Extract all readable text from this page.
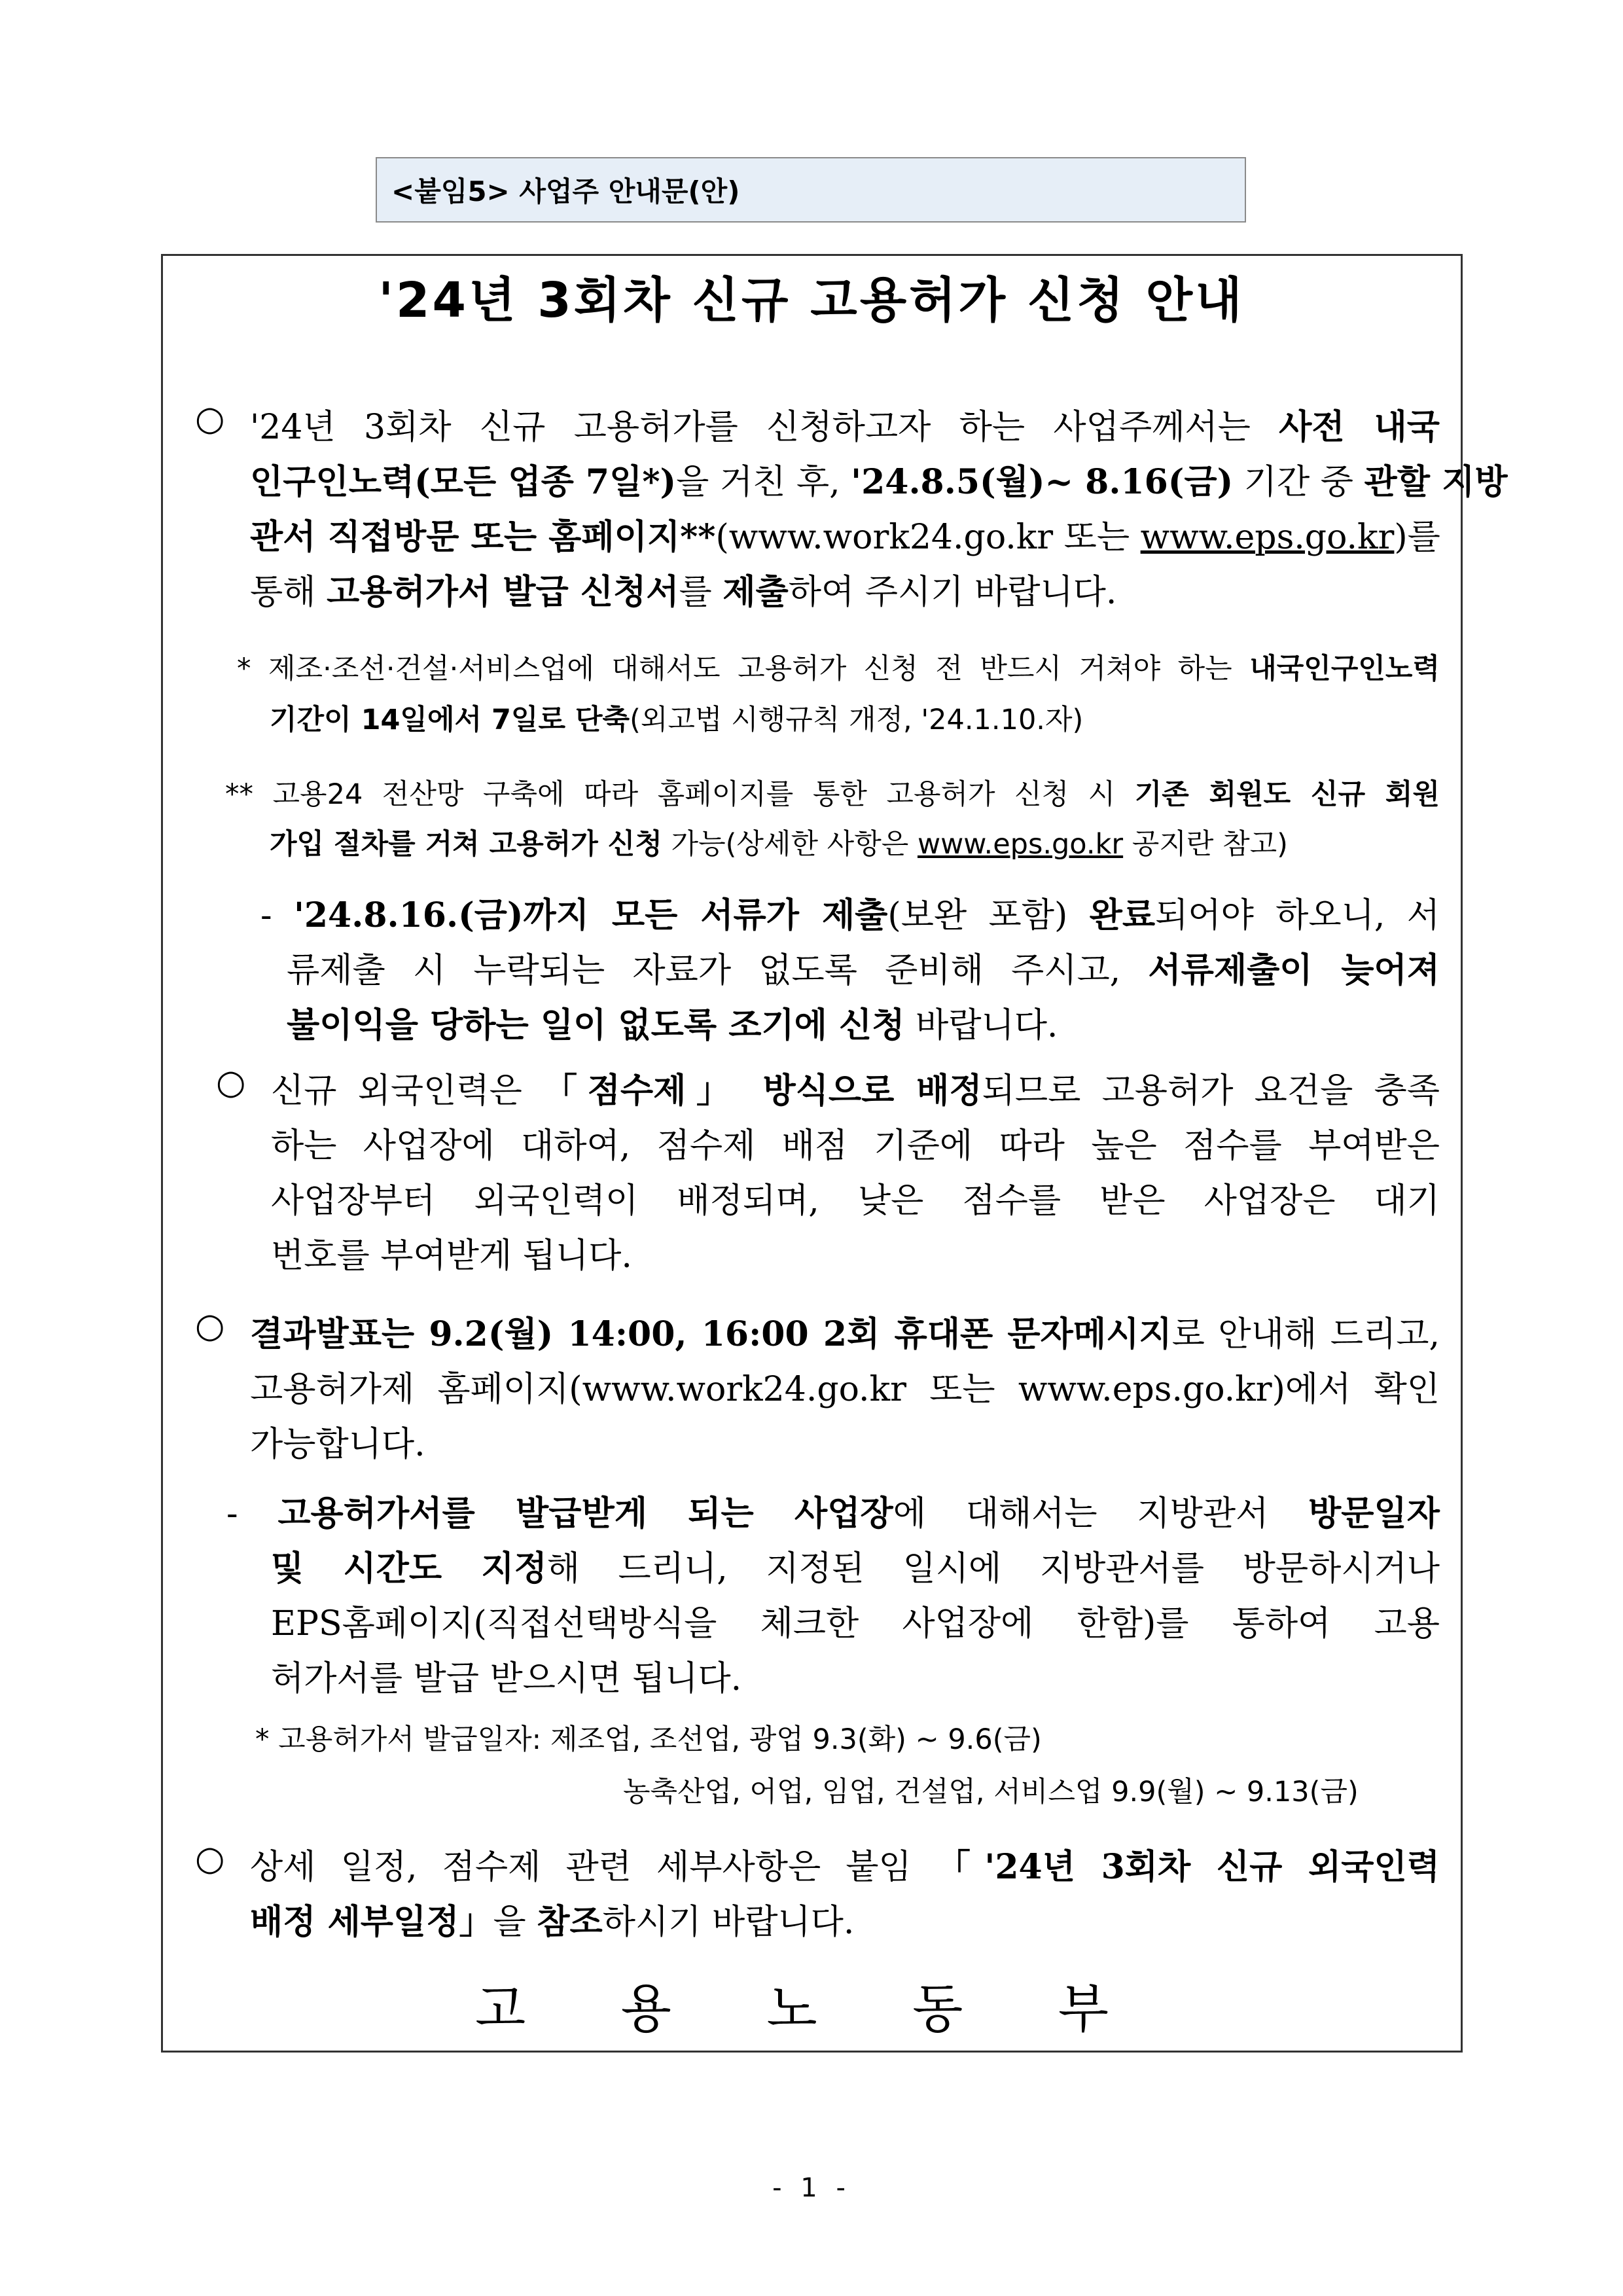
<붙임5> 사업주 안내문(안)
'24년 3회차 신규 고용허가 신청 안내
○ '24년 3회차 신규 고용허가를 신청하고자 하는 사업주께서는 사전 내국
인구인노력(모든 업종 7일*)을 거친 후, '24.8.5(월)~ 8.16(금) 기간 중 관할 지방
관서 직접방문 또는 홈페이지**(www.work24.go.kr 또는 www.eps.go.kr)를
통해 고용허가서 발급 신청서를 제출하여 주시기 바랍니다.
* 제조·조선·건설·서비스업에 대해서도 고용허가 신청 전 반드시 거쳐야 하는 내국인구인노력
기간이 14일에서 7일로 단축(외고법 시행규칙 개정, '24.1.10.자)
** 고용24 전산망 구축에 따라 홈페이지를 통한 고용허가 신청 시 기존 회원도 신규 회원
가입 절차를 거쳐 고용허가 신청 가능(상세한 사항은 www.eps.go.kr 공지란 참고)
- '24.8.16.(금)까지 모든 서류가 제출(보완 포함) 완료되어야 하오니, 서
류제출 시 누락되는 자료가 없도록 준비해 주시고, 서류제출이 늦어져
불이익을 당하는 일이 없도록 조기에 신청 바랍니다.
○ 신규 외국인력은 「점수제」 방식으로 배정되므로 고용허가 요건을 충족
하는 사업장에 대하여, 점수제 배점 기준에 따라 높은 점수를 부여받은
사업장부터 외국인력이 배정되며, 낮은 점수를 받은 사업장은 대기
번호를 부여받게 됩니다.
○ 결과발표는 9.2(월) 14:00, 16:00 2회 휴대폰 문자메시지로 안내해 드리고,
고용허가제 홈페이지(www.work24.go.kr 또는 www.eps.go.kr)에서 확인
가능합니다.
- 고용허가서를 발급받게 되는 사업장에 대해서는 지방관서 방문일자
및 시간도 지정해 드리니, 지정된 일시에 지방관서를 방문하시거나
EPS홈페이지(직접선택방식을 체크한 사업장에 한함)를 통하여 고용
허가서를 발급 받으시면 됩니다.
* 고용허가서 발급일자: 제조업, 조선업, 광업 9.3(화) ~ 9.6(금)
농축산업, 어업, 임업, 건설업, 서비스업 9.9(월) ~ 9.13(금)
○ 상세 일정, 점수제 관련 세부사항은 붙임 「'24년 3회차 신규 외국인력
배정 세부일정」을 참조하시기 바랍니다.
고 용 노 동 부
- 1 -
